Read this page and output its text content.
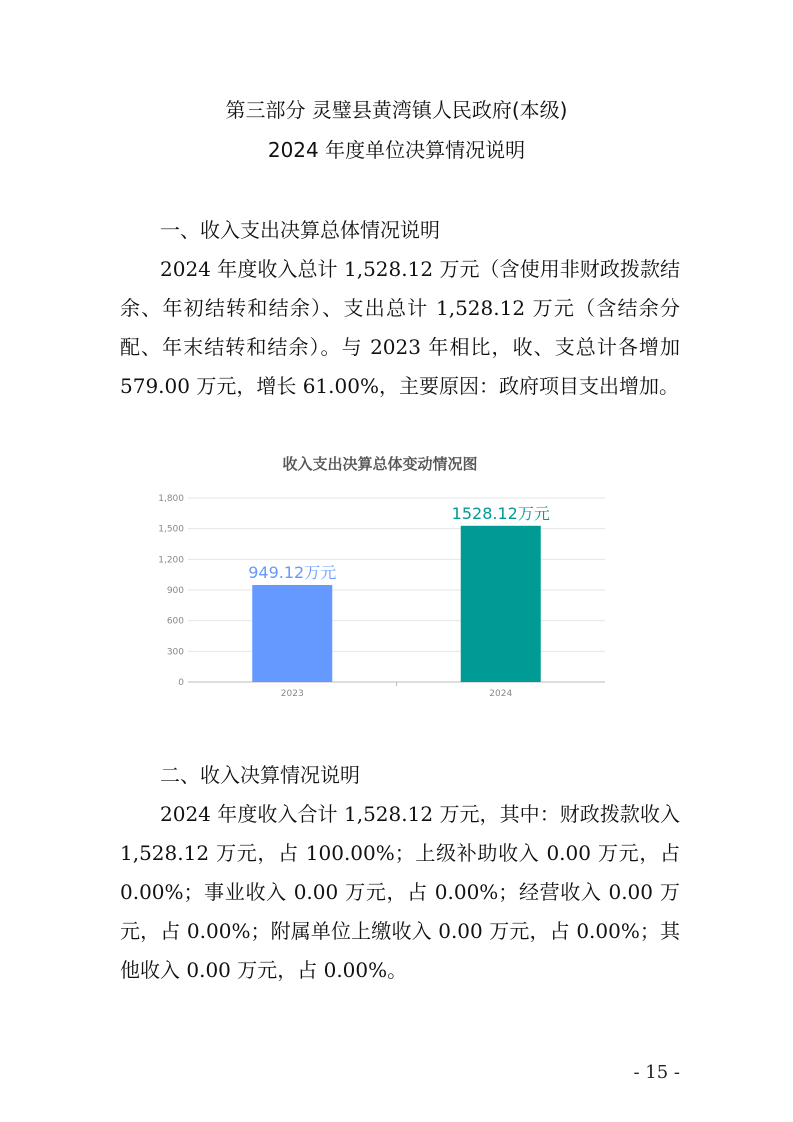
第三部分 灵璧县黄湾镇人民政府(本级)
2024 年度单位决算情况说明
一、收入支出决算总体情况说明
2024 年度收入总计 1,528.12 万元（含使用非财政拨款结余、年初结转和结余）、支出总计 1,528.12 万元（含结余分配、年末结转和结余）。与 2023 年相比，收、支总计各增加 579.00 万元，增长 61.00%，主要原因：政府项目支出增加。
收入支出决算总体变动情况图
0
300
600
900
1,200
1,500
1,800
949.12万元
2023
1528.12万元
2024
二、收入决算情况说明
2024 年度收入合计 1,528.12 万元，其中：财政拨款收入 1,528.12 万元，占 100.00%；上级补助收入 0.00 万元，占 0.00%；事业收入 0.00 万元，占 0.00%；经营收入 0.00 万元，占 0.00%；附属单位上缴收入 0.00 万元，占 0.00%；其他收入 0.00 万元，占 0.00%。
- 15 -
